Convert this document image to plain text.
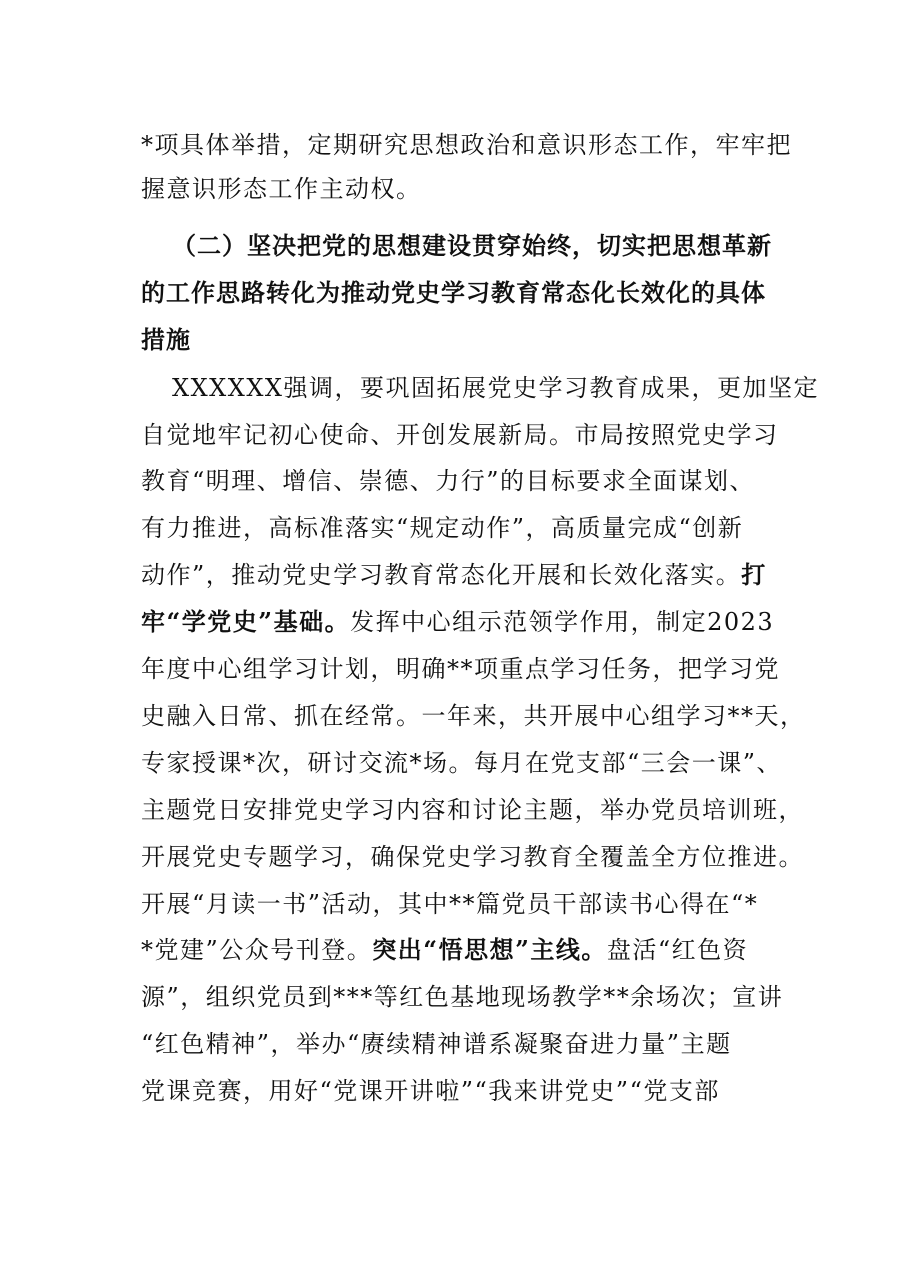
*项具体举措，定期研究思想政治和意识形态工作，牢牢把
握意识形态工作主动权。
（二）坚决把党的思想建设贯穿始终，切实把思想革新
的工作思路转化为推动党史学习教育常态化长效化的具体
措施
XXXXXX强调，要巩固拓展党史学习教育成果，更加坚定
自觉地牢记初心使命、开创发展新局。市局按照党史学习
教育“明理、增信、崇德、力行”的目标要求全面谋划、
有力推进，高标准落实“规定动作”，高质量完成“创新
动作”，推动党史学习教育常态化开展和长效化落实。打
牢“学党史”基础。发挥中心组示范领学作用，制定2023
年度中心组学习计划，明确**项重点学习任务，把学习党
史融入日常、抓在经常。一年来，共开展中心组学习**天，
专家授课*次，研讨交流*场。每月在党支部“三会一课”、
主题党日安排党史学习内容和讨论主题，举办党员培训班，
开展党史专题学习，确保党史学习教育全覆盖全方位推进。
开展“月读一书”活动，其中**篇党员干部读书心得在“*
*党建”公众号刊登。突出“悟思想”主线。盘活“红色资
源”，组织党员到***等红色基地现场教学**余场次；宣讲
“红色精神”，举办“赓续精神谱系凝聚奋进力量”主题
党课竞赛，用好“党课开讲啦”“我来讲党史”“党支部
